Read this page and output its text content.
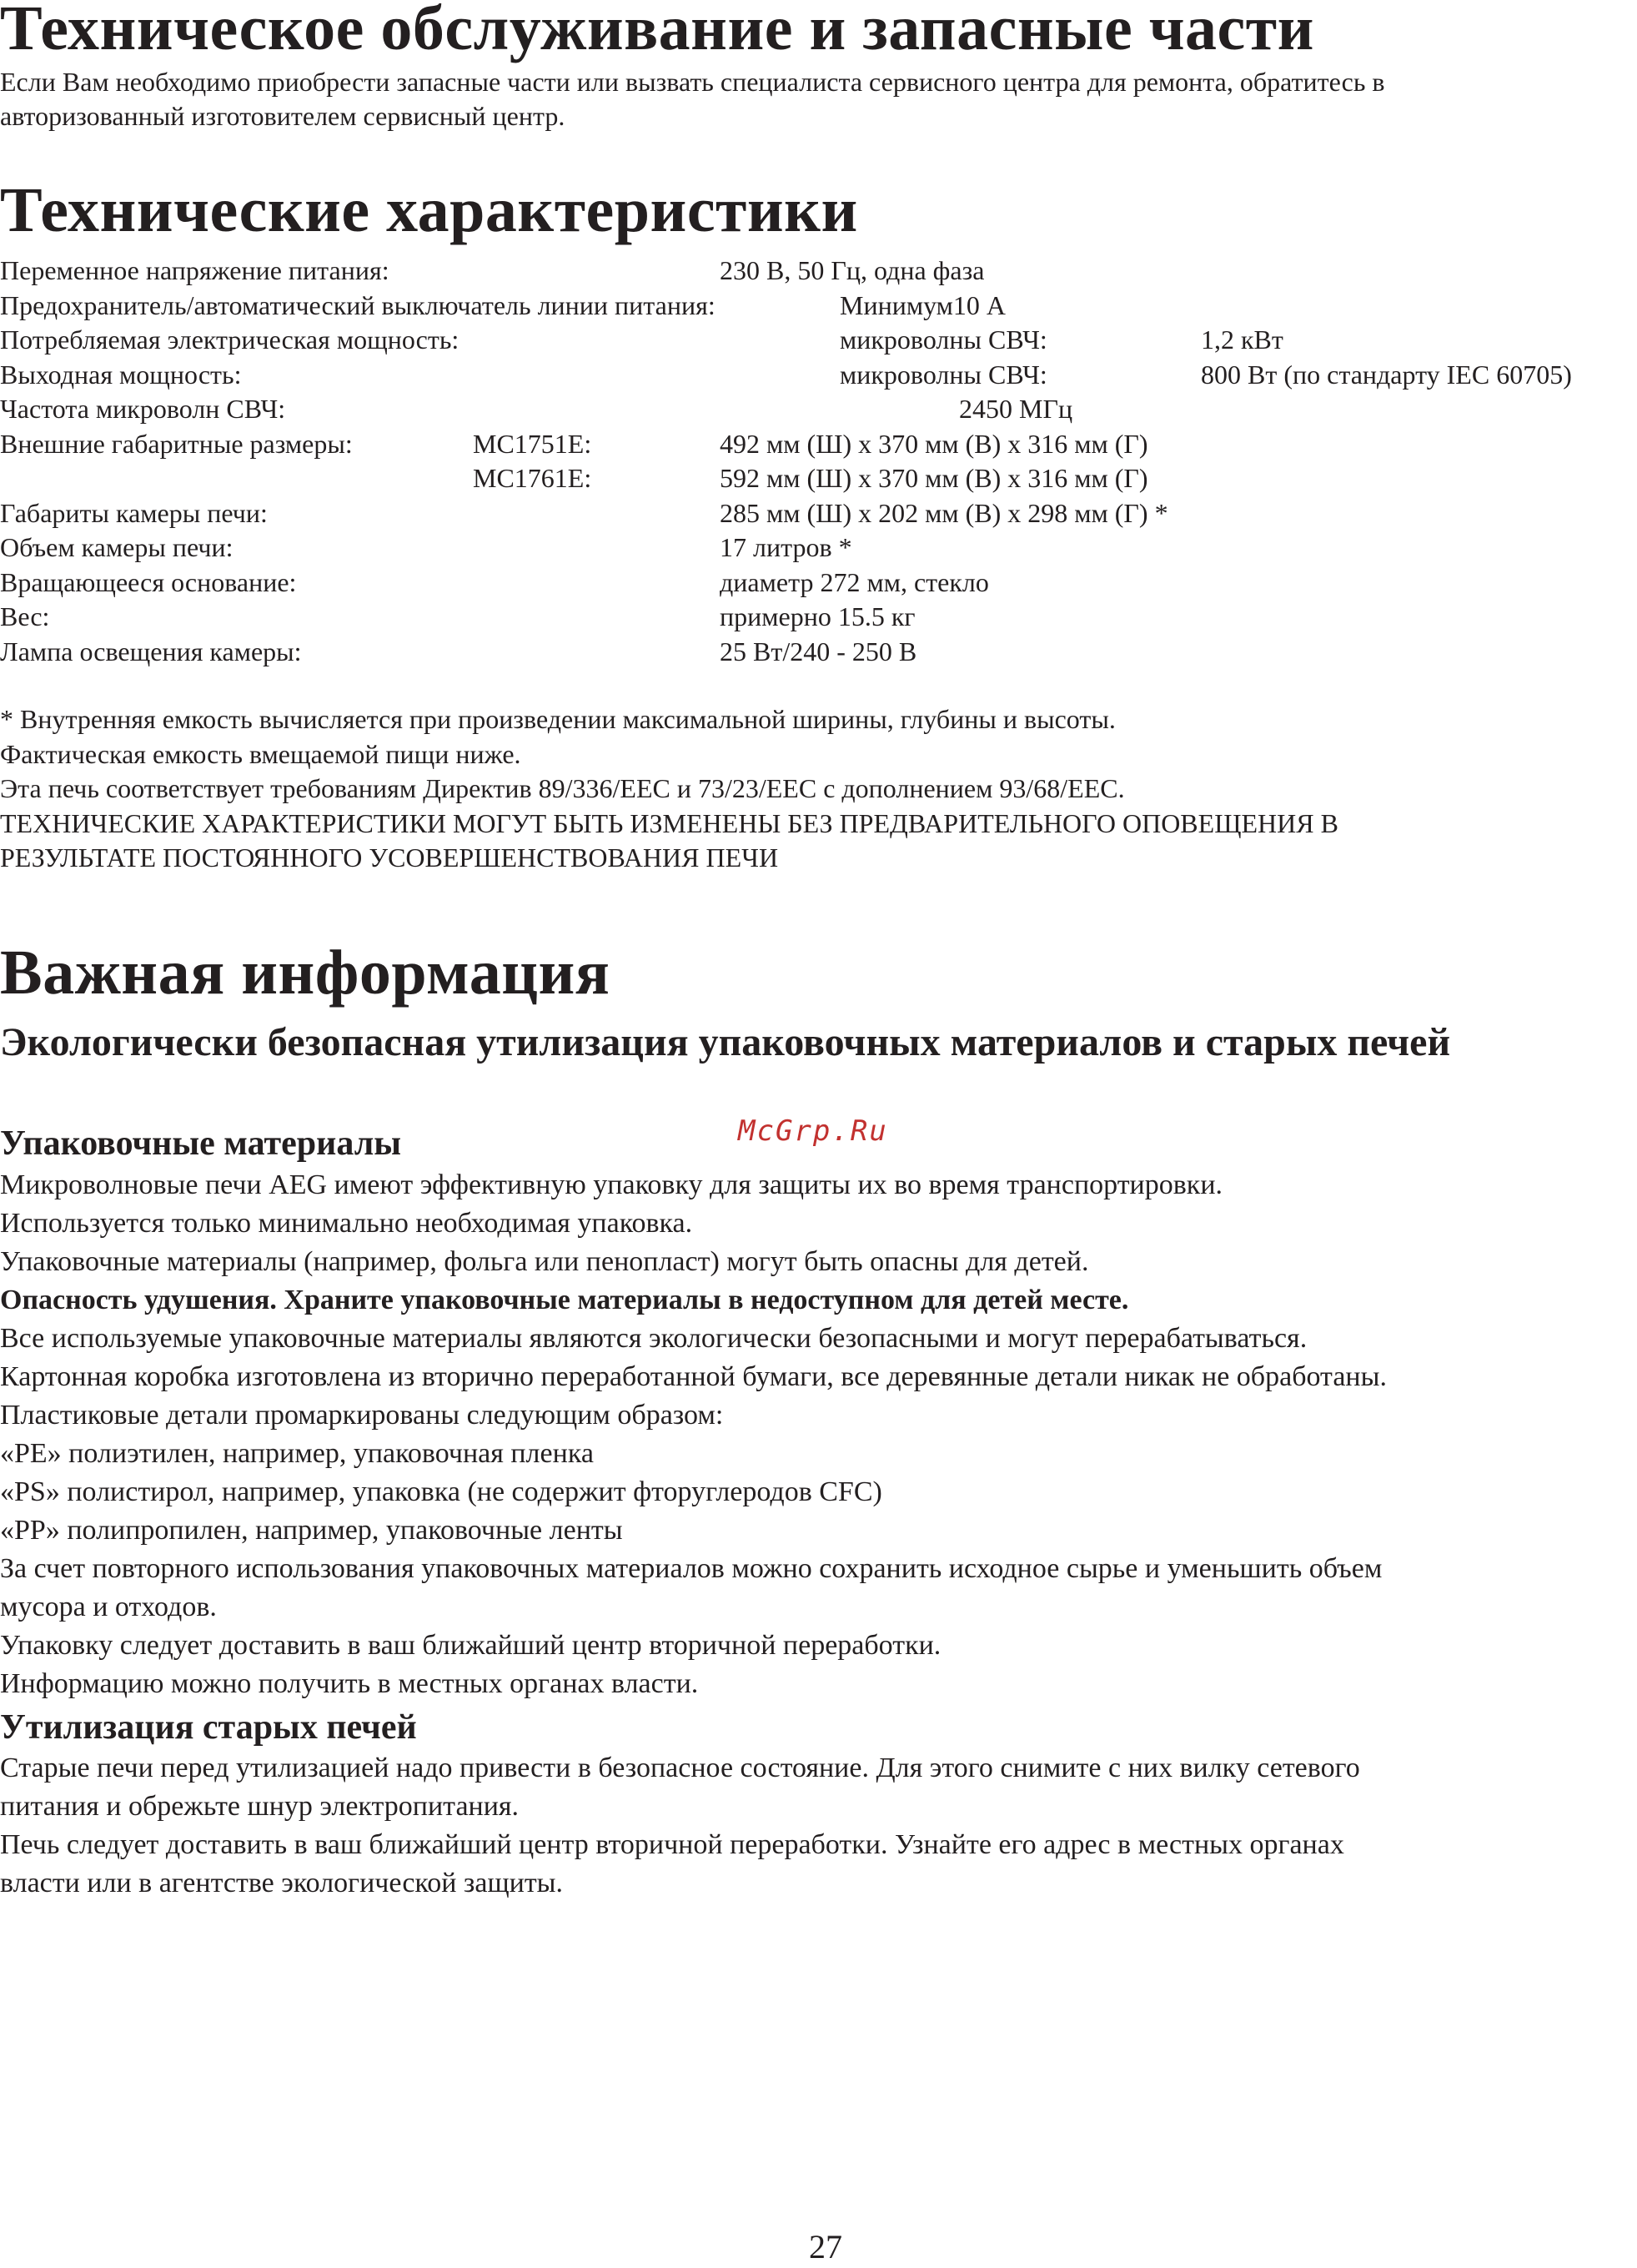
Техническое обслуживание и запасные части

Если Вам необходимо приобрести запасные части или вызвать специалиста сервисного центра для ремонта, обратитесь в

авторизованный изготовителем сервисный центр.

Технические характеристики
Переменное напряжение питания:	230 В, 50 Гц, одна фаза
Предохранитель/автоматический выключатель линии питания:	Минимум10 А
Потребляемая электрическая мощность:	микроволны СВЧ:	1,2 кВт
Выходная мощность:	микроволны СВЧ:	800 Вт (по стандарту IEC 60705)
Частота микроволн СВЧ:	2450 МГц
Внешние габаритные размеры:	MC1751E:	492 мм (Ш) x 370 мм (В) x 316 мм (Г)
MC1761E:	592 мм (Ш) x 370 мм (В) x 316 мм (Г)
Габариты камеры печи:	285 мм (Ш) x 202 мм (В) x 298 мм (Г) *
Объем камеры печи:	17 литров *
Вращающееся основание:	диаметр 272 мм, стекло
Вес:	примерно 15.5 кг
Лампа освещения камеры:	25 Вт/240 - 250 В

* Внутренняя емкость вычисляется при произведении максимальной ширины, глубины и высоты.

Фактическая емкость вмещаемой пищи ниже.

Эта печь соответствует требованиям Директив 89/336/EEC и 73/23/EEC с дополнением 93/68/EEC.

ТЕХНИЧЕСКИЕ ХАРАКТЕРИСТИКИ МОГУТ БЫТЬ ИЗМЕНЕНЫ БЕЗ ПРЕДВАРИТЕЛЬНОГО ОПОВЕЩЕНИЯ В

РЕЗУЛЬТАТЕ ПОСТОЯННОГО УСОВЕРШЕНСТВОВАНИЯ ПЕЧИ

Важная информация
Экологически безопасная утилизация упаковочных материалов и старых печей
Упаковочные материалы	McGrp.Ru

Микроволновые печи AEG имеют эффективную упаковку для защиты их во время транспортировки.

Используется только минимально необходимая упаковка.

Упаковочные материалы (например, фольга или пенопласт) могут быть опасны для детей.

Опасность удушения. Храните упаковочные материалы в недоступном для детей месте.

Все используемые упаковочные материалы являются экологически безопасными и могут перерабатываться.

Картонная коробка изготовлена из вторично переработанной бумаги, все деревянные детали никак не обработаны.

Пластиковые детали промаркированы следующим образом:

«PE» полиэтилен, например, упаковочная пленка

«PS» полистирол, например, упаковка (не содержит фторуглеродов CFC)

«PP» полипропилен, например, упаковочные ленты

За счет повторного использования упаковочных материалов можно сохранить исходное сырье и уменьшить объем

мусора и отходов.

Упаковку следует доставить в ваш ближайший центр вторичной переработки.

Информацию можно получить в местных органах власти.

Утилизация старых печей

Старые печи перед утилизацией надо привести в безопасное состояние. Для этого снимите с них вилку сетевого

питания и обрежьте шнур электропитания.

Печь следует доставить в ваш ближайший центр вторичной переработки. Узнайте его адрес в местных органах

власти или в агентстве экологической защиты.

27
